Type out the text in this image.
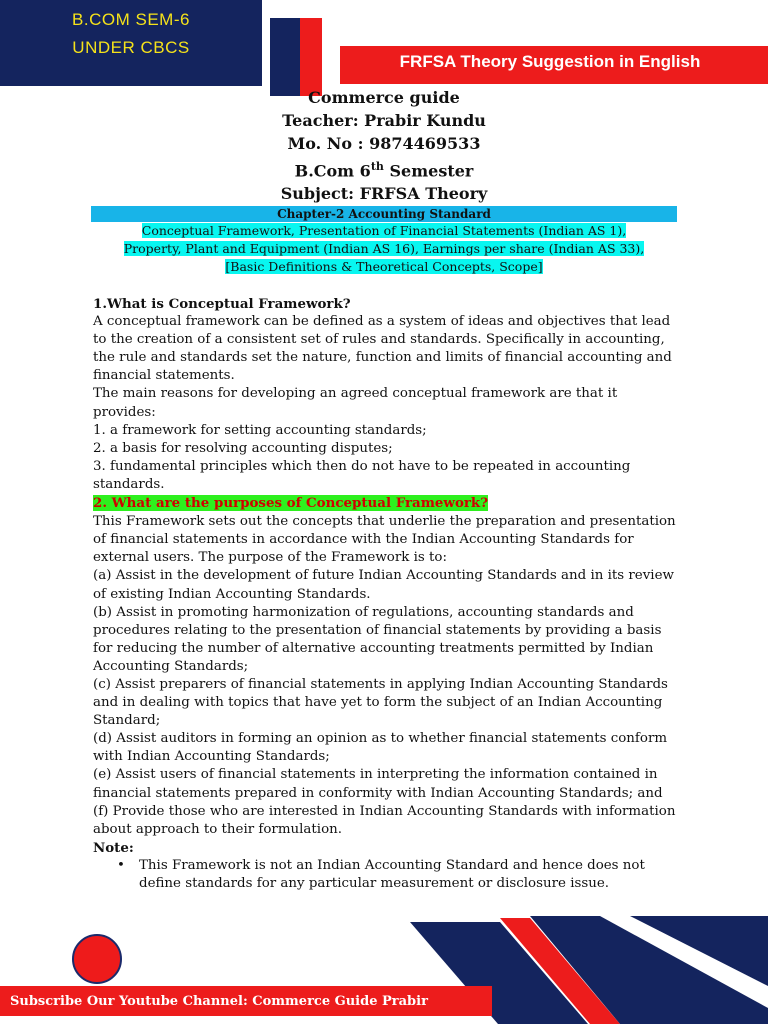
B.COM SEM-6
UNDER CBCS
FRFSA Theory Suggestion in English
Commerce guide
Teacher: Prabir Kundu
Mo. No : 9874469533
B.Com 6th Semester
Subject: FRFSA Theory
Chapter-2 Accounting Standard
Conceptual Framework, Presentation of Financial Statements (Indian AS 1),
Property, Plant and Equipment (Indian AS 16), Earnings per share (Indian AS 33),
[Basic Definitions & Theoretical Concepts, Scope]

1.What is Conceptual Framework?

A conceptual framework can be defined as a system of ideas and objectives that lead to the creation of a consistent set of rules and standards. Specifically in accounting, the rule and standards set the nature, function and limits of financial accounting and financial statements.

The main reasons for developing an agreed conceptual framework are that it provides:

1. a framework for setting accounting standards;

2. a basis for resolving accounting disputes;

3. fundamental principles which then do not have to be repeated in accounting standards.

2. What are the purposes of Conceptual Framework?

This Framework sets out the concepts that underlie the preparation and presentation of financial statements in accordance with the Indian Accounting Standards for external users. The purpose of the Framework is to:

(a) Assist in the development of future Indian Accounting Standards and in its review of existing Indian Accounting Standards.

(b) Assist in promoting harmonization of regulations, accounting standards and procedures relating to the presentation of financial statements by providing a basis for reducing the number of alternative accounting treatments permitted by Indian Accounting Standards;

(c) Assist preparers of financial statements in applying Indian Accounting Standards and in dealing with topics that have yet to form the subject of an Indian Accounting Standard;

(d) Assist auditors in forming an opinion as to whether financial statements conform with Indian Accounting Standards;

(e) Assist users of financial statements in interpreting the information contained in financial statements prepared in conformity with Indian Accounting Standards; and

(f) Provide those who are interested in Indian Accounting Standards with information about approach to their formulation.

Note:

•	This Framework is not an Indian Accounting Standard and hence does not define standards for any particular measurement or disclosure issue.
Subscribe Our Youtube Channel: Commerce Guide Prabir
